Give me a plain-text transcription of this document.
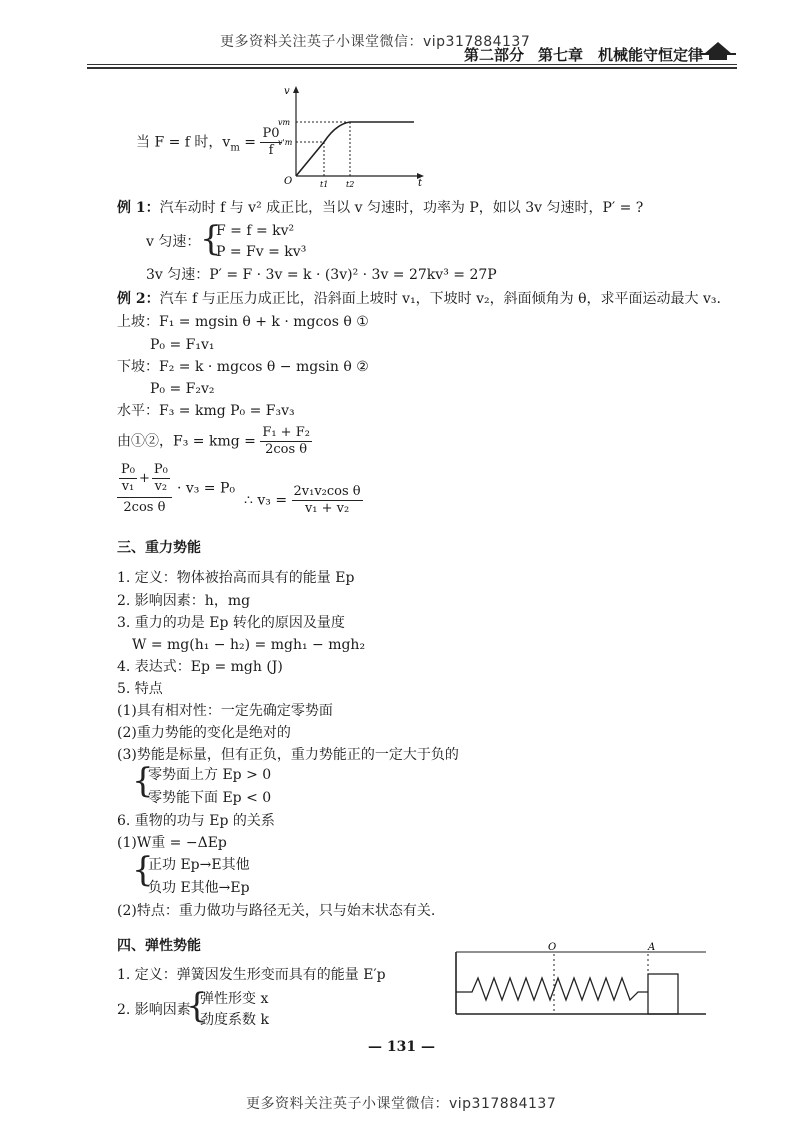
更多资料关注英子小课堂微信：vip317884137
第二部分 第七章 机械能守恒定律
v
t
O
vm
v'm
t1 t2
当 F = f 时，$v_m = \frac{P0}{f}$
例 1：汽车动时 f 与 v² 成正比，当以 v 匀速时，功率为 P，如以 3v 匀速时，P′ = ?
v 匀速： {
F = f = kv²
P = Fv = kv³
3v 匀速：P′ = F · 3v = k · (3v)² · 3v = 27kv³ = 27P
例 2：汽车 f 与正压力成正比，沿斜面上坡时 v₁，下坡时 v₂，斜面倾角为 θ，求平面运动最大 v₃.
上坡：F₁ = mgsin θ + k · mgcos θ ①
P₀ = F₁v₁
下坡：F₂ = k · mgcos θ − mgsin θ ②
P₀ = F₂v₂
水平：F₃ = kmg P₀ = F₃v₃
由①②，F₃ = kmg = $\frac{\text{F₁ + F₂}}{\text{2cos θ}}$
$\frac{\frac{\text{P₀}}{\text{v₁}} + \frac{\text{P₀}}{\text{v₂}}}{\text{2cos θ}} \cdot v_3 = P_0$
∴ $v_3 = \frac{\text{2v₁v₂cos θ}}{\text{v₁ + v₂}}$
三、重力势能
1. 定义：物体被抬高而具有的能量 Ep
2. 影响因素：h，mg
3. 重力的功是 Ep 转化的原因及量度
W = mg(h₁ − h₂) = mgh₁ − mgh₂
4. 表达式：Ep = mgh (J)
5. 特点
(1)具有相对性：一定先确定零势面
(2)重力势能的变化是绝对的
(3)势能是标量，但有正负，重力势能正的一定大于负的
{
零势面上方 Ep > 0
零势能下面 Ep < 0
6. 重物的功与 Ep 的关系
(1)W重 = −ΔEp
{
正功 Ep→E其他
负功 E其他→Ep
(2)特点：重力做功与路径无关，只与始末状态有关.
四、弹性势能
1. 定义：弹簧因发生形变而具有的能量 E′p
2. 影响因素
{
弹性形变 x
劲度系数 k
O	A
— 131 —
更多资料关注英子小课堂微信：vip317884137
